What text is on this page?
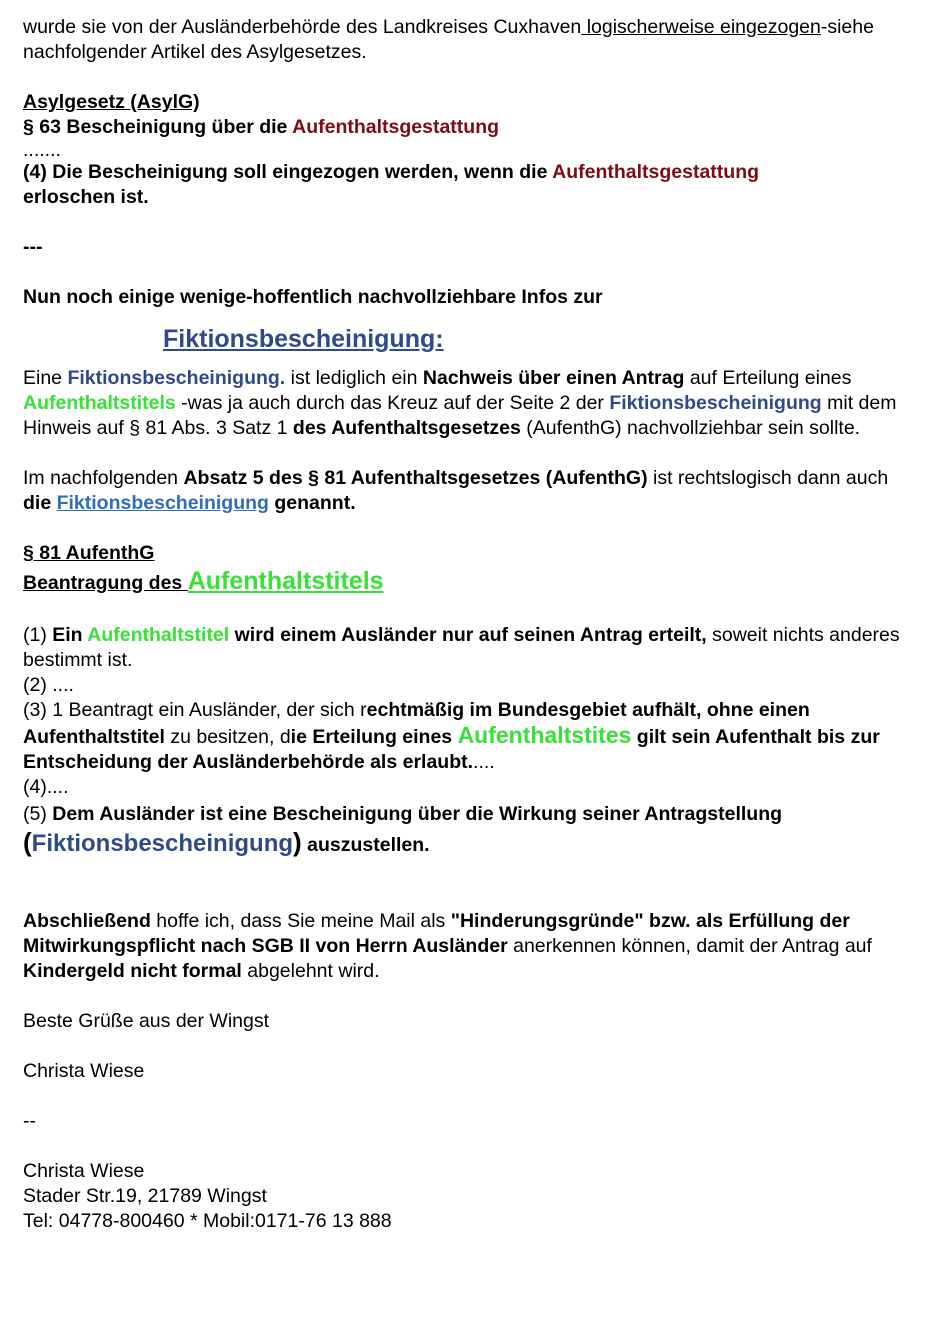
wurde sie von der Ausländerbehörde des Landkreises Cuxhaven logischerweise eingezogen-siehe nachfolgender Artikel des Asylgesetzes.

Asylgesetz (AsylG)

§ 63 Bescheinigung über die Aufenthaltsgestattung

.......

(4) Die Bescheinigung soll eingezogen werden, wenn die Aufenthaltsgestattung
erloschen ist.

---

Nun noch einige wenige-hoffentlich nachvollziehbare Infos zur

Fiktionsbescheinigung:

Eine Fiktionsbescheinigung. ist lediglich ein Nachweis über einen Antrag auf Erteilung eines Aufenthaltstitels -was ja auch durch das Kreuz auf der Seite 2 der Fiktionsbescheinigung mit dem Hinweis auf § 81 Abs. 3 Satz 1 des Aufenthaltsgesetzes (AufenthG) nachvollziehbar sein sollte.

Im nachfolgenden Absatz 5 des § 81 Aufenthaltsgesetzes (AufenthG) ist rechtslogisch dann auch die Fiktionsbescheinigung genannt.

§ 81 AufenthG

Beantragung des Aufenthaltstitels

(1) Ein Aufenthaltstitel wird einem Ausländer nur auf seinen Antrag erteilt, soweit nichts anderes bestimmt ist.

(2) ....

(3) 1 Beantragt ein Ausländer, der sich rechtmäßig im Bundesgebiet aufhält, ohne einen Aufenthaltstitel zu besitzen, die Erteilung eines Aufenthaltstites gilt sein Aufenthalt bis zur Entscheidung der Ausländerbehörde als erlaubt.....

(4)....

(5) Dem Ausländer ist eine Bescheinigung über die Wirkung seiner Antragstellung
(Fiktionsbescheinigung) auszustellen.

Abschließend hoffe ich, dass Sie meine Mail als "Hinderungsgründe" bzw. als Erfüllung der Mitwirkungspflicht nach SGB II von Herrn Ausländer anerkennen können, damit der Antrag auf Kindergeld nicht formal abgelehnt wird.

Beste Grüße aus der Wingst

Christa Wiese

--

Christa Wiese

Stader Str.19, 21789 Wingst

Tel: 04778-800460 * Mobil:0171-76 13 888
